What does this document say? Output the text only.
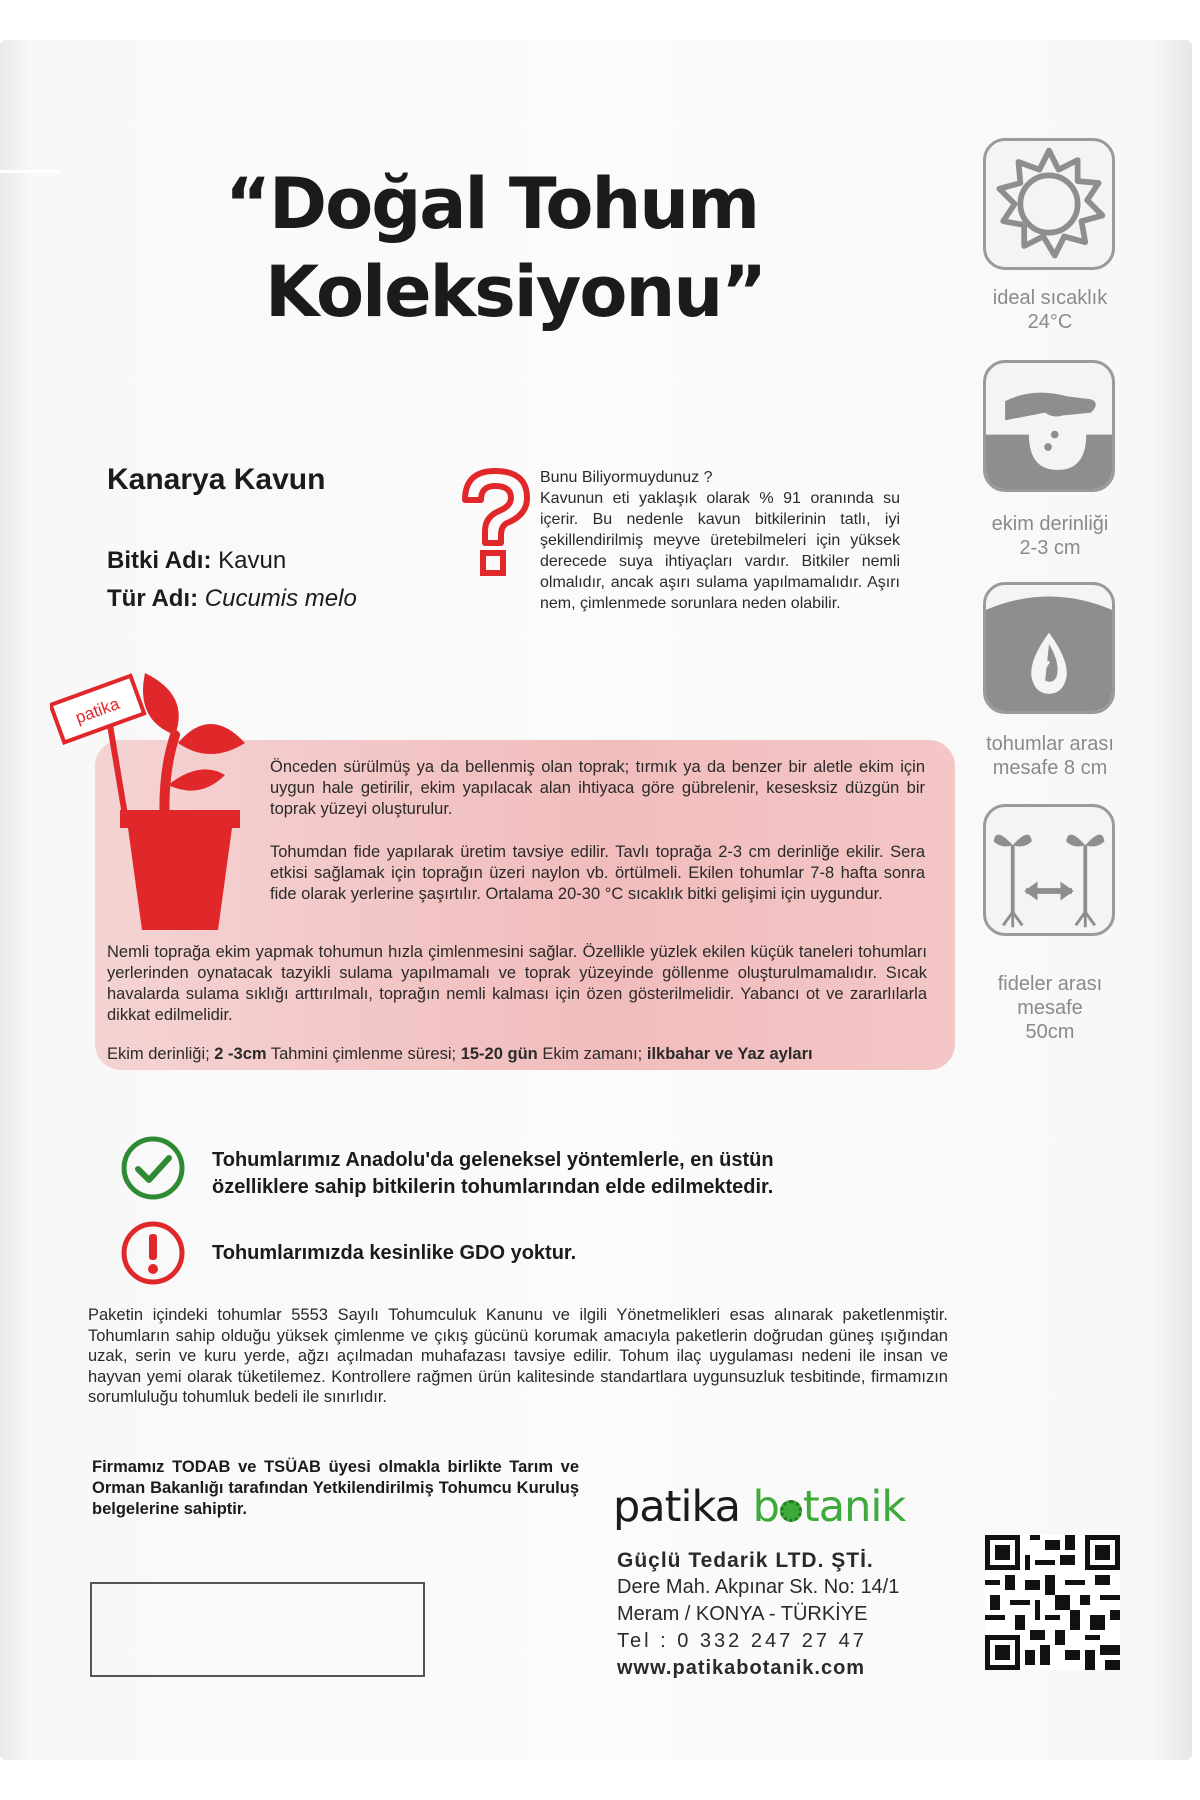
“Doğal Tohum
Koleksiyonu”
Kanarya Kavun
Bitki Adı: Kavun
Tür Adı: Cucumis melo
Bunu Biliyormuydunuz ?
Kavunun eti yaklaşık olarak % 91 oranında su içerir. Bu nedenle kavun bitkilerinin tatlı, iyi şekillendirilmiş meyve üretebilmeleri için yüksek derecede suya ihtiyaçları vardır. Bitkiler nemli olmalıdır, ancak aşırı sulama yapılmamalıdır. Aşırı nem, çimlenmede sorunlara neden olabilir.
patika
Önceden sürülmüş ya da bellenmiş olan toprak; tırmık ya da benzer bir aletle ekim için uygun hale getirilir, ekim yapılacak alan ihtiyaca göre gübrelenir, kesesksiz düzgün bir toprak yüzeyi oluşturulur.
Tohumdan fide yapılarak üretim tavsiye edilir. Tavlı toprağa 2-3 cm derinliğe ekilir. Sera etkisi sağlamak için toprağın üzeri naylon vb. örtülmeli. Ekilen tohumlar 7-8 hafta sonra fide olarak yerlerine şaşırtılır. Ortalama 20-30 °C sıcaklık bitki gelişimi için uygundur.
Nemli toprağa ekim yapmak tohumun hızla çimlenmesini sağlar. Özellikle yüzlek ekilen küçük taneleri tohumları yerlerinden oynatacak tazyikli sulama yapılmamalı ve toprak yüzeyinde göllenme oluşturulmamalıdır. Sıcak havalarda sulama sıklığı arttırılmalı, toprağın nemli kalması için özen gösterilmelidir. Yabancı ot ve zararlılarla dikkat edilmelidir.
Ekim derinliği; 2 -3cm Tahmini çimlenme süresi; 15-20 gün Ekim zamanı; ilkbahar ve Yaz ayları
ideal sıcaklık
24°C
ekim derinliği
2-3 cm
tohumlar arası
mesafe 8 cm
fideler arası
mesafe
50cm
Tohumlarımız Anadolu'da geleneksel yöntemlerle, en üstün
özelliklere sahip bitkilerin tohumlarından elde edilmektedir.
Tohumlarımızda kesinlike GDO yoktur.
Paketin içindeki tohumlar 5553 Sayılı Tohumculuk Kanunu ve ilgili Yönetmelikleri esas alınarak paketlenmiştir. Tohumların sahip olduğu yüksek çimlenme ve çıkış gücünü korumak amacıyla paketlerin doğrudan güneş ışığından uzak, serin ve kuru yerde, ağzı açılmadan muhafazası tavsiye edilir. Tohum ilaç uygulaması nedeni ile insan ve hayvan yemi olarak tüketilemez. Kontrollere rağmen ürün kalitesinde standartlara uygunsuzluk tesbitinde, firmamızın sorumluluğu tohumluk bedeli ile sınırlıdır.
Firmamız TODAB ve TSÜAB üyesi olmakla birlikte Tarım ve Orman Bakanlığı tarafından Yetkilendirilmiş Tohumcu Kuruluş belgelerine sahiptir.	patika b tanik
Güçlü Tedarik LTD. ŞTİ.
Dere Mah. Akpınar Sk. No: 14/1
Meram / KONYA - TÜRKİYE
Tel : 0 332 247 27 47
www.patikabotanik.com
